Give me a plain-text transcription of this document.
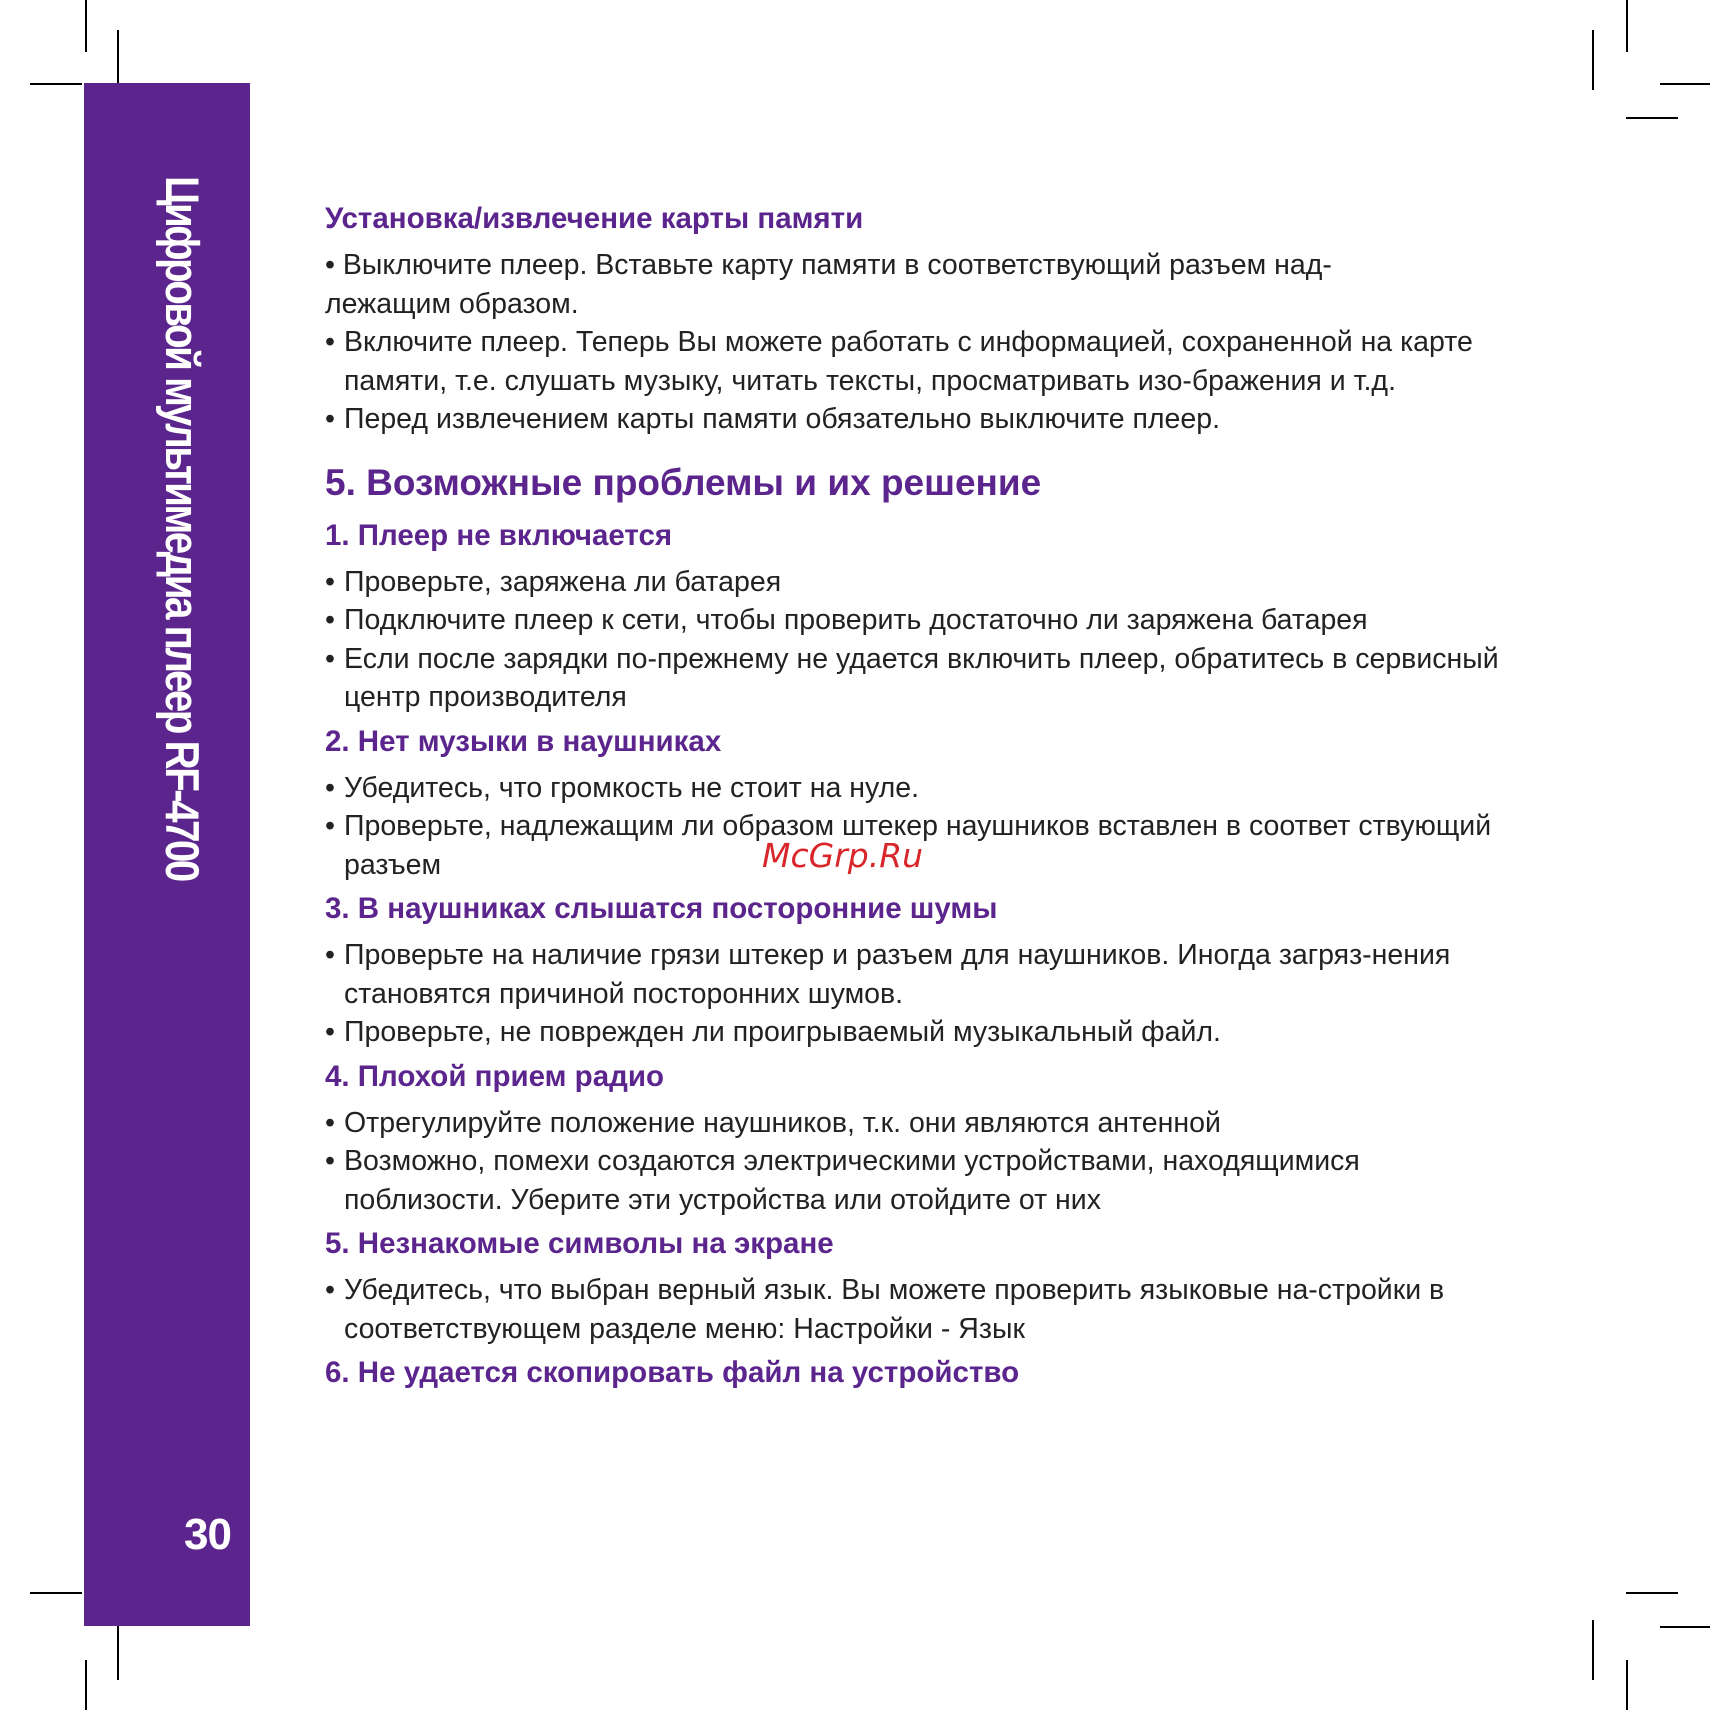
Цифровой мультимедиа плеер RF-4700
30
Установка/извлечение карты памяти
• Выключите плеер. Вставьте карту памяти в соответствующий разъем над-
лежащим образом.
• Включите плеер. Теперь Вы можете работать с информацией, сохраненной на карте памяти, т.е. слушать музыку, читать тексты, просматривать изо-бражения и т.д.
• Перед извлечением карты памяти обязательно выключите плеер.
5. Возможные проблемы и их решение
1. Плеер не включается
• Проверьте, заряжена ли батарея
• Подключите плеер к сети, чтобы проверить достаточно ли заряжена батарея
• Если после зарядки по-прежнему не удается включить плеер, обратитесь в сервисный центр производителя
2. Нет музыки в наушниках
• Убедитесь, что громкость не стоит на нуле.
• Проверьте, надлежащим ли образом штекер наушников вставлен в соответ ствующий разъем
3. В наушниках слышатся посторонние шумы
• Проверьте на наличие грязи штекер и разъем для наушников. Иногда загряз-нения становятся причиной посторонних шумов.
• Проверьте, не поврежден ли проигрываемый музыкальный файл.
4. Плохой прием радио
• Отрегулируйте положение наушников, т.к. они являются антенной
• Возможно, помехи создаются электрическими устройствами, находящимися поблизости. Уберите эти устройства или отойдите от них
5. Незнакомые символы на экране
• Убедитесь, что выбран верный язык. Вы можете проверить языковые на-стройки в соответствующем разделе меню: Настройки - Язык
6. Не удается скопировать файл на устройство
McGrp.Ru
